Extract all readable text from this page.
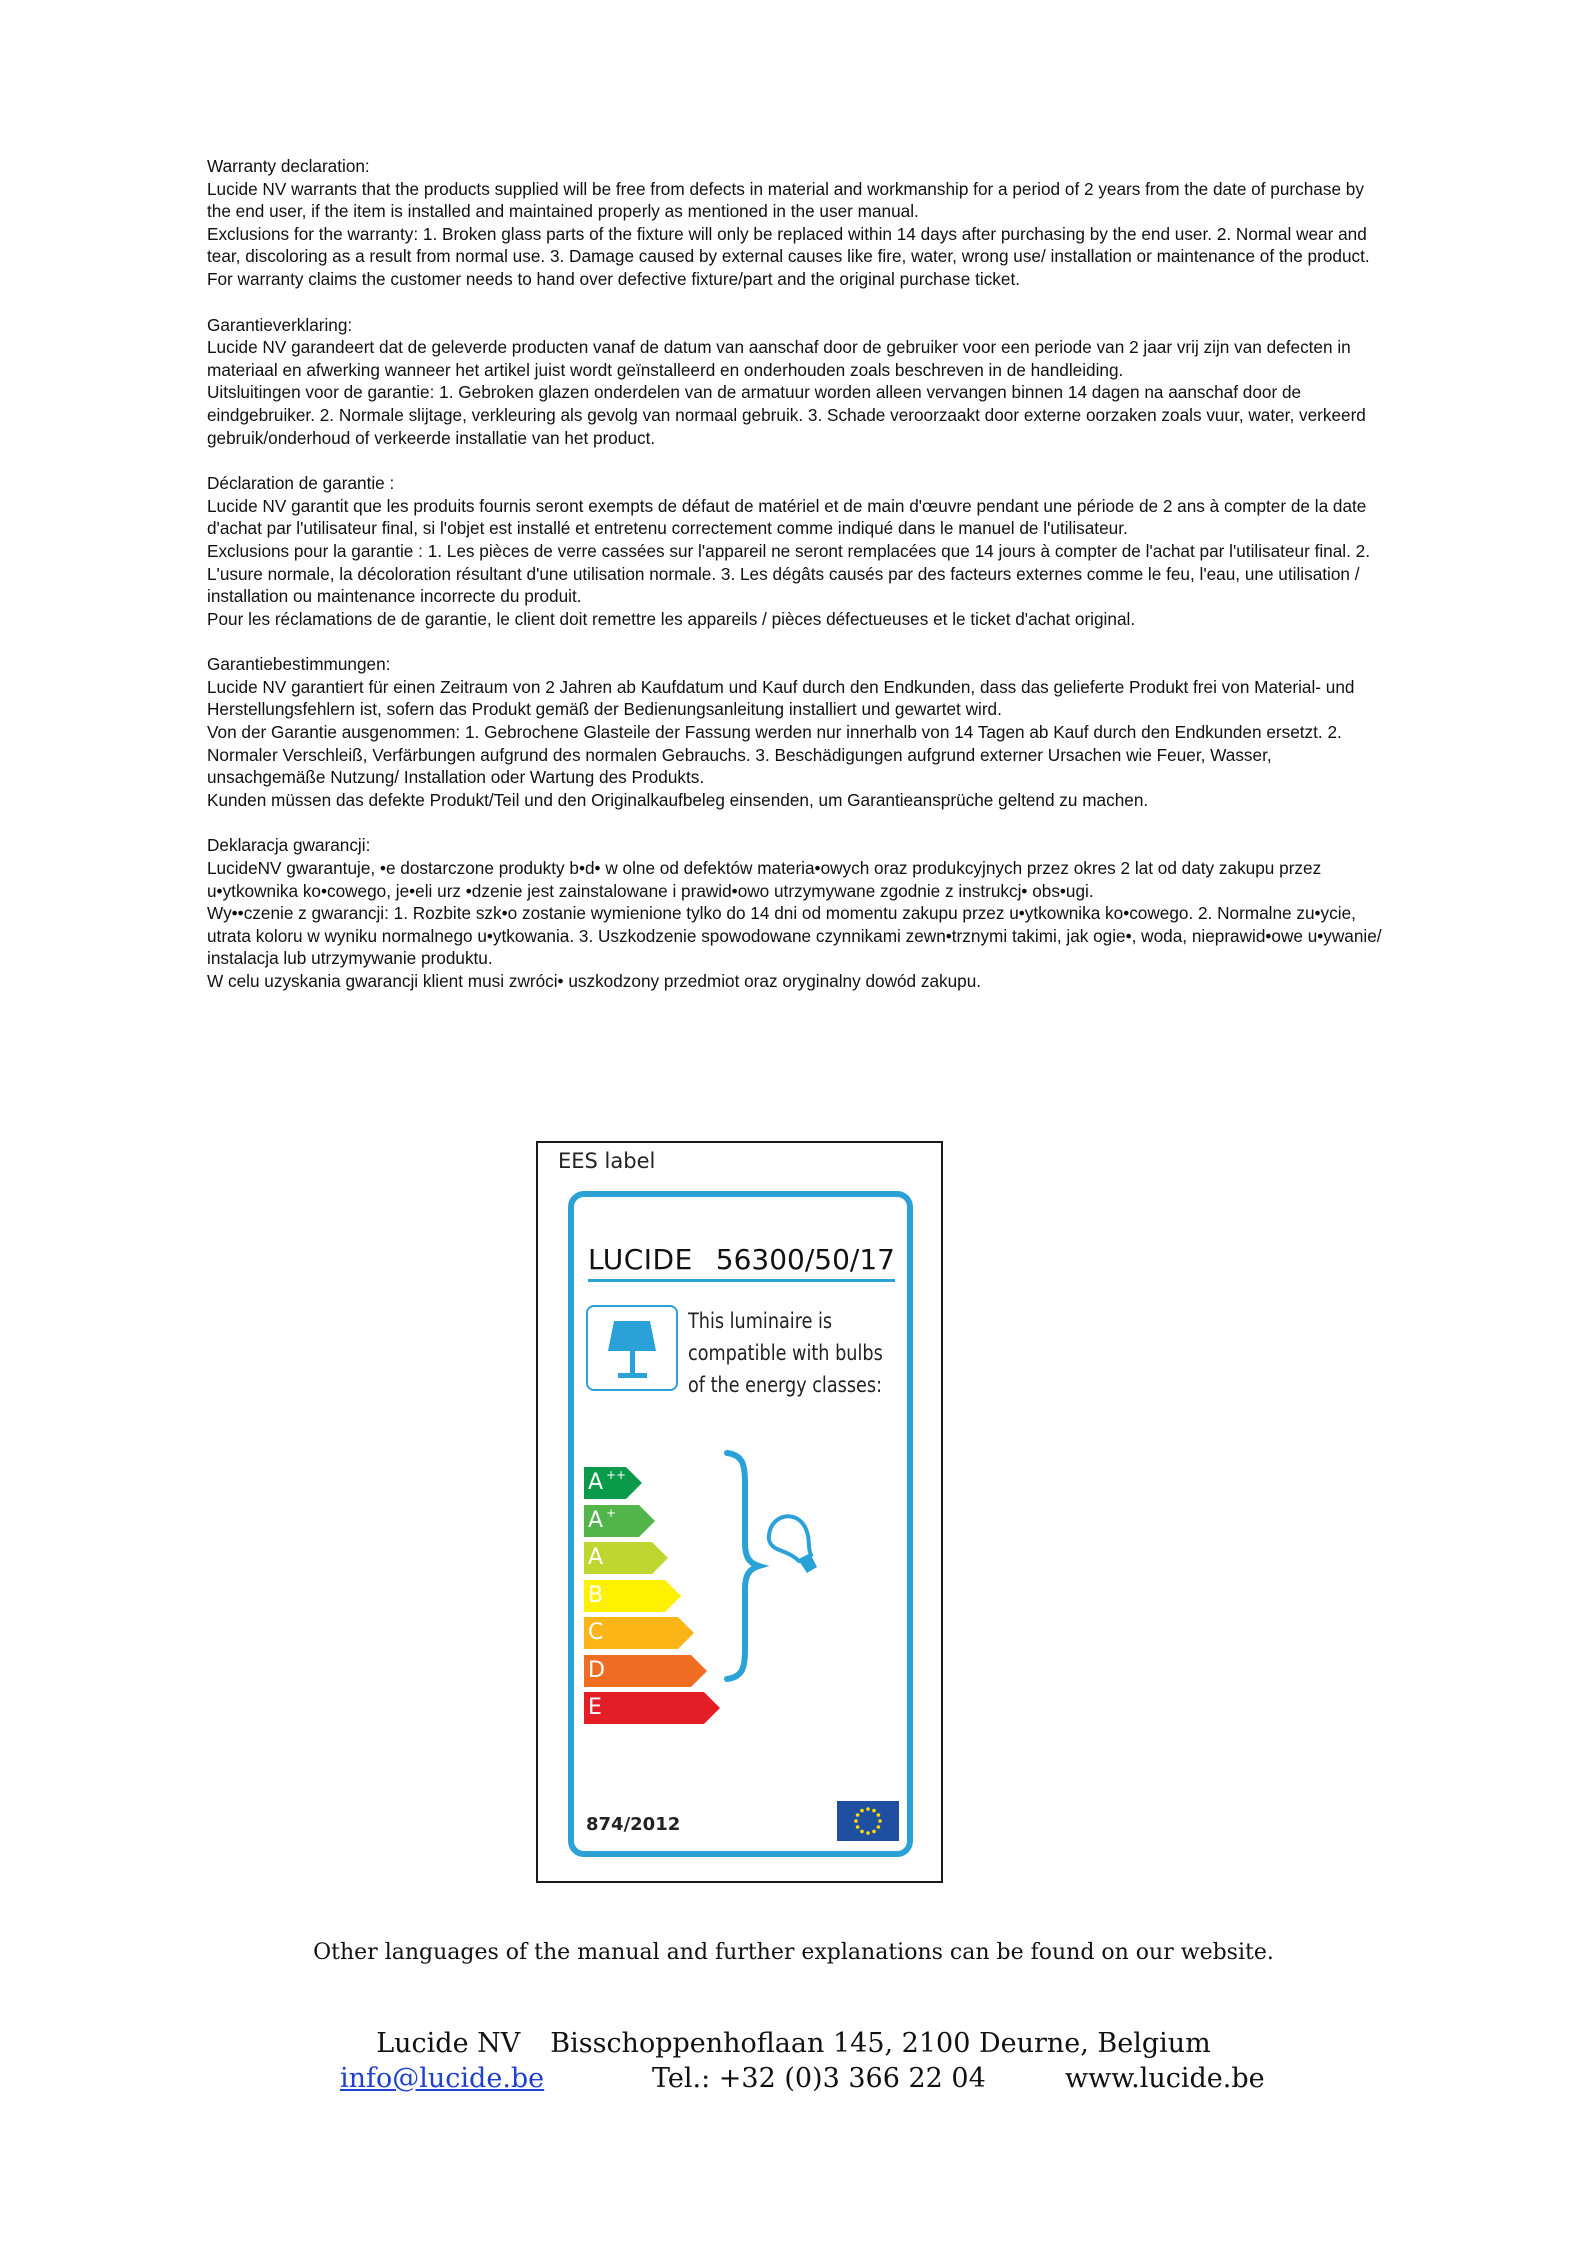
Warranty declaration:

Lucide NV warrants that the products supplied will be free from defects in material and workmanship for a period of 2 years from the date of purchase by the end user, if the item is installed and maintained properly as mentioned in the user manual.

Exclusions for the warranty: 1. Broken glass parts of the fixture will only be replaced within 14 days after purchasing by the end user. 2. Normal wear and tear, discoloring as a result from normal use. 3. Damage caused by external causes like fire, water, wrong use/ installation or maintenance of the product.

For warranty claims the customer needs to hand over defective fixture/part and the original purchase ticket.

Garantieverklaring:

Lucide NV garandeert dat de geleverde producten vanaf de datum van aanschaf door de gebruiker voor een periode van 2 jaar vrij zijn van defecten in materiaal en afwerking wanneer het artikel juist wordt geïnstalleerd en onderhouden zoals beschreven in de handleiding.

Uitsluitingen voor de garantie: 1. Gebroken glazen onderdelen van de armatuur worden alleen vervangen binnen 14 dagen na aanschaf door de eindgebruiker. 2. Normale slijtage, verkleuring als gevolg van normaal gebruik. 3. Schade veroorzaakt door externe oorzaken zoals vuur, water, verkeerd gebruik/onderhoud of verkeerde installatie van het product.

Déclaration de garantie :

Lucide NV garantit que les produits fournis seront exempts de défaut de matériel et de main d'œuvre pendant une période de 2 ans à compter de la date d'achat par l'utilisateur final, si l'objet est installé et entretenu correctement comme indiqué dans le manuel de l'utilisateur.

Exclusions pour la garantie : 1. Les pièces de verre cassées sur l'appareil ne seront remplacées que 14 jours à compter de l'achat par l'utilisateur final. 2. L'usure normale, la décoloration résultant d'une utilisation normale. 3. Les dégâts causés par des facteurs externes comme le feu, l'eau, une utilisation / installation ou maintenance incorrecte du produit.

Pour les réclamations de de garantie, le client doit remettre les appareils / pièces défectueuses et le ticket d'achat original.

Garantiebestimmungen:

Lucide NV garantiert für einen Zeitraum von 2 Jahren ab Kaufdatum und Kauf durch den Endkunden, dass das gelieferte Produkt frei von Material- und Herstellungsfehlern ist, sofern das Produkt gemäß der Bedienungsanleitung installiert und gewartet wird.

Von der Garantie ausgenommen: 1. Gebrochene Glasteile der Fassung werden nur innerhalb von 14 Tagen ab Kauf durch den Endkunden ersetzt. 2. Normaler Verschleiß, Verfärbungen aufgrund des normalen Gebrauchs. 3. Beschädigungen aufgrund externer Ursachen wie Feuer, Wasser, unsachgemäße Nutzung/ Installation oder Wartung des Produkts.

Kunden müssen das defekte Produkt/Teil und den Originalkaufbeleg einsenden, um Garantieansprüche geltend zu machen.

Deklaracja gwarancji:

LucideNV gwarantuje, •e dostarczone produkty b•d• w olne od defektów materia•owych oraz produkcyjnych przez okres 2 lat od daty zakupu przez u•ytkownika ko•cowego, je•eli urz •dzenie jest zainstalowane i prawid•owo utrzymywane zgodnie z instrukcj• obs•ugi.

Wy••czenie z gwarancji: 1. Rozbite szk•o zostanie wymienione tylko do 14 dni od momentu zakupu przez u•ytkownika ko•cowego. 2. Normalne zu•ycie, utrata koloru w wyniku normalnego u•ytkowania. 3. Uszkodzenie spowodowane czynnikami zewn•trznymi takimi, jak ogie•, woda, nieprawid•owe u•ywanie/ instalacja lub utrzymywanie produktu.

W celu uzyskania gwarancji klient musi zwróci• uszkodzony przedmiot oraz oryginalny dowód zakupu.

EES label
LUCIDE 56300/50/17
This luminaire is
compatible with bulbs
of the energy classes:
A ++
A +
A
B
C
D
E
874/2012
Other languages of the manual and further explanations can be found on our website.
Lucide NV Bisschoppenhoflaan 145, 2100 Deurne, Belgium
info@lucide.be	Tel.: +32 (0)3 366 22 04	www.lucide.be
